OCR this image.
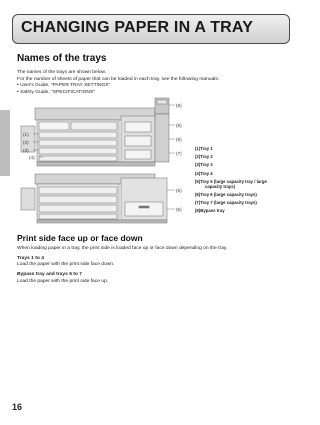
CHANGING PAPER IN A TRAY
Names of the trays

The names of the trays are shown below.

For the number of sheets of paper that can be loaded in each tray, see the following manuals:

• User's Guide, "PAPER TRAY SETTINGS"

• Safety Guide, "SPECIFICATIONS"

(8)
(5)
(6)
(7)
(1)
(2)
(3)
(4)
(6)
(5)
(1)Tray 1
(2)Tray 2
(3)Tray 3
(4)Tray 4
(5)Tray 5 (large capacity tray / large
capacity trays)
(6)Tray 6 (large capacity trays)
(7)Tray 7 (large capacity trays)
(8)Bypass tray
Print side face up or face down

When loading paper in a tray, the print side is loaded face up or face down depending on the tray.

Trays 1 to 4

Load the paper with the print side face down.

Bypass tray and trays 5 to 7

Load the paper with the print side face up.

16
